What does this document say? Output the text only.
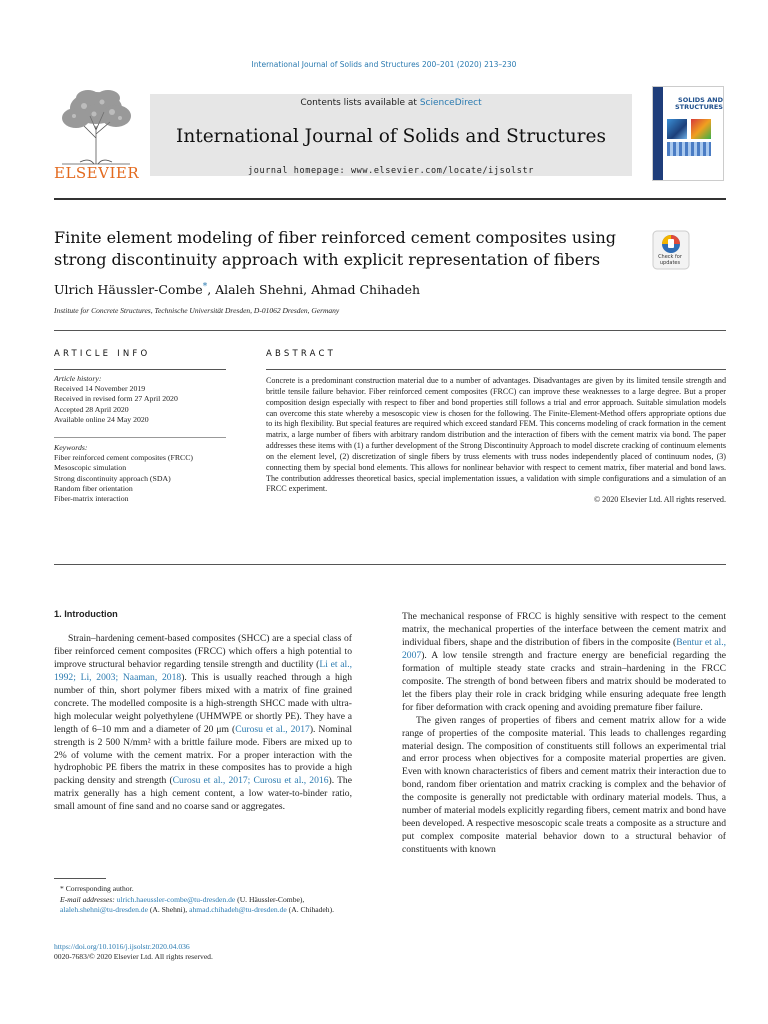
International Journal of Solids and Structures 200–201 (2020) 213–230
ELSEVIER
Contents lists available at ScienceDirect
International Journal of Solids and Structures
journal homepage: www.elsevier.com/locate/ijsolstr
SOLIDS AND STRUCTURES
Finite element modeling of fiber reinforced cement composites using strong discontinuity approach with explicit representation of fibers	Check for updates
Ulrich Häussler-Combe*, Alaleh Shehni, Ahmad Chihadeh
Institute for Concrete Structures, Technische Universität Dresden, D-01062 Dresden, Germany
ARTICLE INFO	ABSTRACT
Article history:
Received 14 November 2019
Received in revised form 27 April 2020
Accepted 28 April 2020
Available online 24 May 2020
Keywords:
Fiber reinforced cement composites (FRCC)
Mesoscopic simulation
Strong discontinuity approach (SDA)
Random fiber orientation
Fiber-matrix interaction
Concrete is a predominant construction material due to a number of advantages. Disadvantages are given by its limited tensile strength and brittle tensile failure behavior. Fiber reinforced cement composites (FRCC) can improve these weaknesses to a large degree. But a proper composition design especially with respect to fiber and bond properties still follows a trial and error approach. Suitable simulation models can overcome this state whereby a mesoscopic view is chosen for the following. The Finite-Element-Method offers appropriate options due to its high flexibility. But special features are required which exceed standard FEM. This concerns modeling of crack formation in the cement matrix, a large number of fibers with arbitrary random distribution and the interaction of fibers with the cement matrix via bond. The paper addresses these items with (1) a further development of the Strong Discontinuity Approach to model discrete cracking of continuum elements on the element level, (2) discretization of single fibers by truss elements with truss nodes independently placed of continuum nodes, (3) connecting them by special bond elements. This allows for nonlinear behavior with respect to cement matrix, fiber material and bond laws. The contribution addresses theoretical basics, special implementation issues, a validation with simple configurations and a simulation of an FRCC experiment.
© 2020 Elsevier Ltd. All rights reserved.
1. Introduction
Strain–hardening cement-based composites (SHCC) are a special class of fiber reinforced cement composites (FRCC) which offers a high potential to improve structural behavior regarding tensile strength and ductility (Li et al., 1992; Li, 2003; Naaman, 2018). This is usually reached through a high number of thin, short polymer fibers mixed with a matrix of fine grained concrete. The modelled composite is a high-strength SHCC made with ultra-high molecular weight polyethylene (UHMWPE or shortly PE). They have a length of 6–10 mm and a diameter of 20 μm (Curosu et al., 2017). Nominal strength is 2 500 N/mm² with a brittle failure mode. Fibers are mixed up to 2% of volume with the cement matrix. For a proper interaction with the hydrophobic PE fibers the matrix in these composites has to provide a high packing density and strength (Curosu et al., 2017; Curosu et al., 2016). The matrix generally has a high cement content, a low water-to-binder ratio, small amount of fine sand and no coarse sand or aggregates.
The mechanical response of FRCC is highly sensitive with respect to the cement matrix, the mechanical properties of the interface between the cement matrix and individual fibers, shape and the distribution of fibers in the composite (Bentur et al., 2007). A low tensile strength and fracture energy are beneficial regarding the formation of multiple steady state cracks and strain–hardening in the FRCC composite. The strength of bond between fibers and matrix should be moderated to let the fibers play their role in crack bridging while ensuring adequate free length for fiber deformation with crack opening and avoiding premature fiber failure.
The given ranges of properties of fibers and cement matrix allow for a wide range of properties of the composite material. This leads to challenges regarding material design. The composition of constituents still follows an experimental trial and error process when objectives for a composite material properties are given. Even with known characteristics of fibers and cement matrix their interaction due to bond, random fiber orientation and matrix cracking is complex and the behavior of the composite is generally not predictable with ordinary material models. Thus, a number of material models explicitly regarding fibers, cement matrix and bond have been developed. A respective mesoscopic scale treats a composite as a structure and put complex composite material behavior down to a structural behavior of constituents with known
* Corresponding author.
E-mail addresses: ulrich.haeussler-combe@tu-dresden.de (U. Häussler-Combe), alaleh.shehni@tu-dresden.de (A. Shehni), ahmad.chihadeh@tu-dresden.de (A. Chihadeh).
https://doi.org/10.1016/j.ijsolstr.2020.04.036
0020-7683/© 2020 Elsevier Ltd. All rights reserved.
